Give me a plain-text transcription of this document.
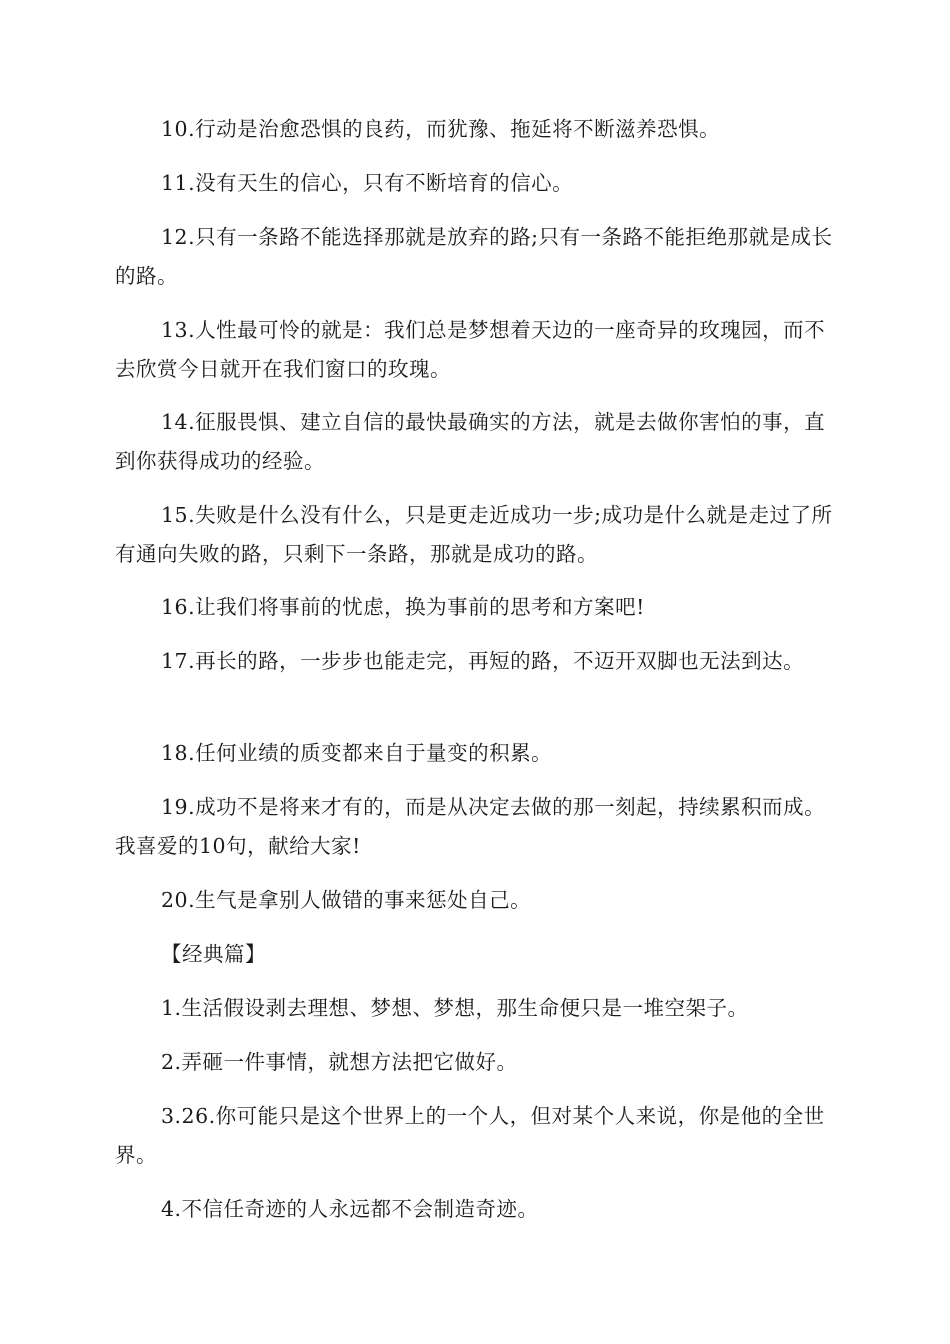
10.行动是治愈恐惧的良药，而犹豫、拖延将不断滋养恐惧。

11.没有天生的信心，只有不断培育的信心。

12.只有一条路不能选择那就是放弃的路;只有一条路不能拒绝那就是成长的路。

13.人性最可怜的就是：我们总是梦想着天边的一座奇异的玫瑰园，而不去欣赏今日就开在我们窗口的玫瑰。

14.征服畏惧、建立自信的最快最确实的方法，就是去做你害怕的事，直到你获得成功的经验。

15.失败是什么没有什么，只是更走近成功一步;成功是什么就是走过了所有通向失败的路，只剩下一条路，那就是成功的路。

16.让我们将事前的忧虑，换为事前的思考和方案吧!

17.再长的路，一步步也能走完，再短的路，不迈开双脚也无法到达。

18.任何业绩的质变都来自于量变的积累。

19.成功不是将来才有的，而是从决定去做的那一刻起，持续累积而成。我喜爱的10句，献给大家!

20.生气是拿别人做错的事来惩处自己。

【经典篇】

1.生活假设剥去理想、梦想、梦想，那生命便只是一堆空架子。

2.弄砸一件事情，就想方法把它做好。

3.26.你可能只是这个世界上的一个人，但对某个人来说，你是他的全世界。

4.不信任奇迹的人永远都不会制造奇迹。
